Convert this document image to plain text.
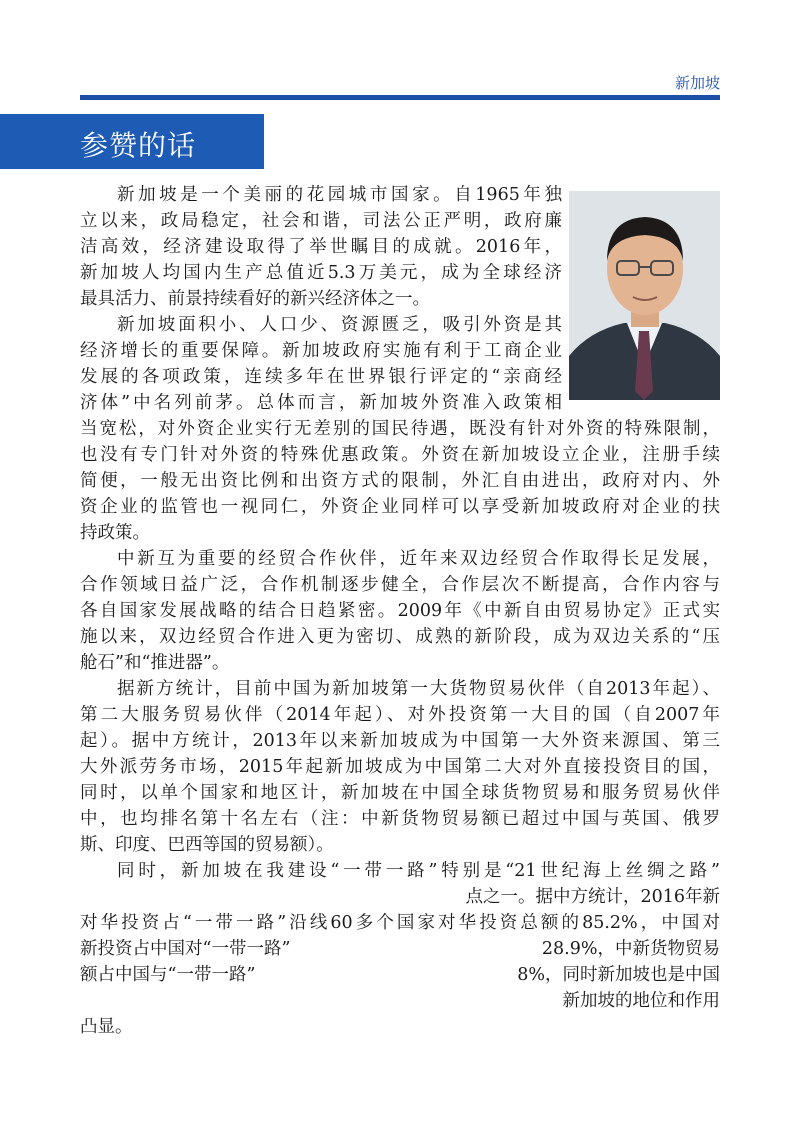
新加坡
参赞的话
新加坡是一个美丽的花园城市国家。自1965年独
立以来，政局稳定，社会和谐，司法公正严明，政府廉
洁高效，经济建设取得了举世瞩目的成就。2016年，
新加坡人均国内生产总值近5.3万美元，成为全球经济
最具活力、前景持续看好的新兴经济体之一。
新加坡面积小、人口少、资源匮乏，吸引外资是其
经济增长的重要保障。新加坡政府实施有利于工商企业
发展的各项政策，连续多年在世界银行评定的“亲商经
济体”中名列前茅。总体而言，新加坡外资准入政策相
当宽松，对外资企业实行无差别的国民待遇，既没有针对外资的特殊限制，
也没有专门针对外资的特殊优惠政策。外资在新加坡设立企业，注册手续
简便，一般无出资比例和出资方式的限制，外汇自由进出，政府对内、外
资企业的监管也一视同仁，外资企业同样可以享受新加坡政府对企业的扶
持政策。
中新互为重要的经贸合作伙伴，近年来双边经贸合作取得长足发展，
合作领域日益广泛，合作机制逐步健全，合作层次不断提高，合作内容与
各自国家发展战略的结合日趋紧密。2009年《中新自由贸易协定》正式实
施以来，双边经贸合作进入更为密切、成熟的新阶段，成为双边关系的“压
舱石”和“推进器”。
据新方统计，目前中国为新加坡第一大货物贸易伙伴（自2013年起）、
第二大服务贸易伙伴（2014年起）、对外投资第一大目的国（自2007年
起）。据中方统计，2013年以来新加坡成为中国第一大外资来源国、第三
大外派劳务市场，2015年起新加坡成为中国第二大对外直接投资目的国，
同时，以单个国家和地区计，新加坡在中国全球货物贸易和服务贸易伙伴
中，也均排名第十名左右（注：中新货物贸易额已超过中国与英国、俄罗
斯、印度、巴西等国的贸易额）。
同时，新加坡在我建设“一带一路”特别是“21世纪海上丝绸之路”
点之一。据中方统计，2016年新
对华投资占“一带一路”沿线60多个国家对华投资总额的85.2%，中国对
新投资占中国对“一带一路”	28.9%，中新货物贸易
额占中国与“一带一路”	8%，同时新加坡也是中国
新加坡的地位和作用
凸显。
